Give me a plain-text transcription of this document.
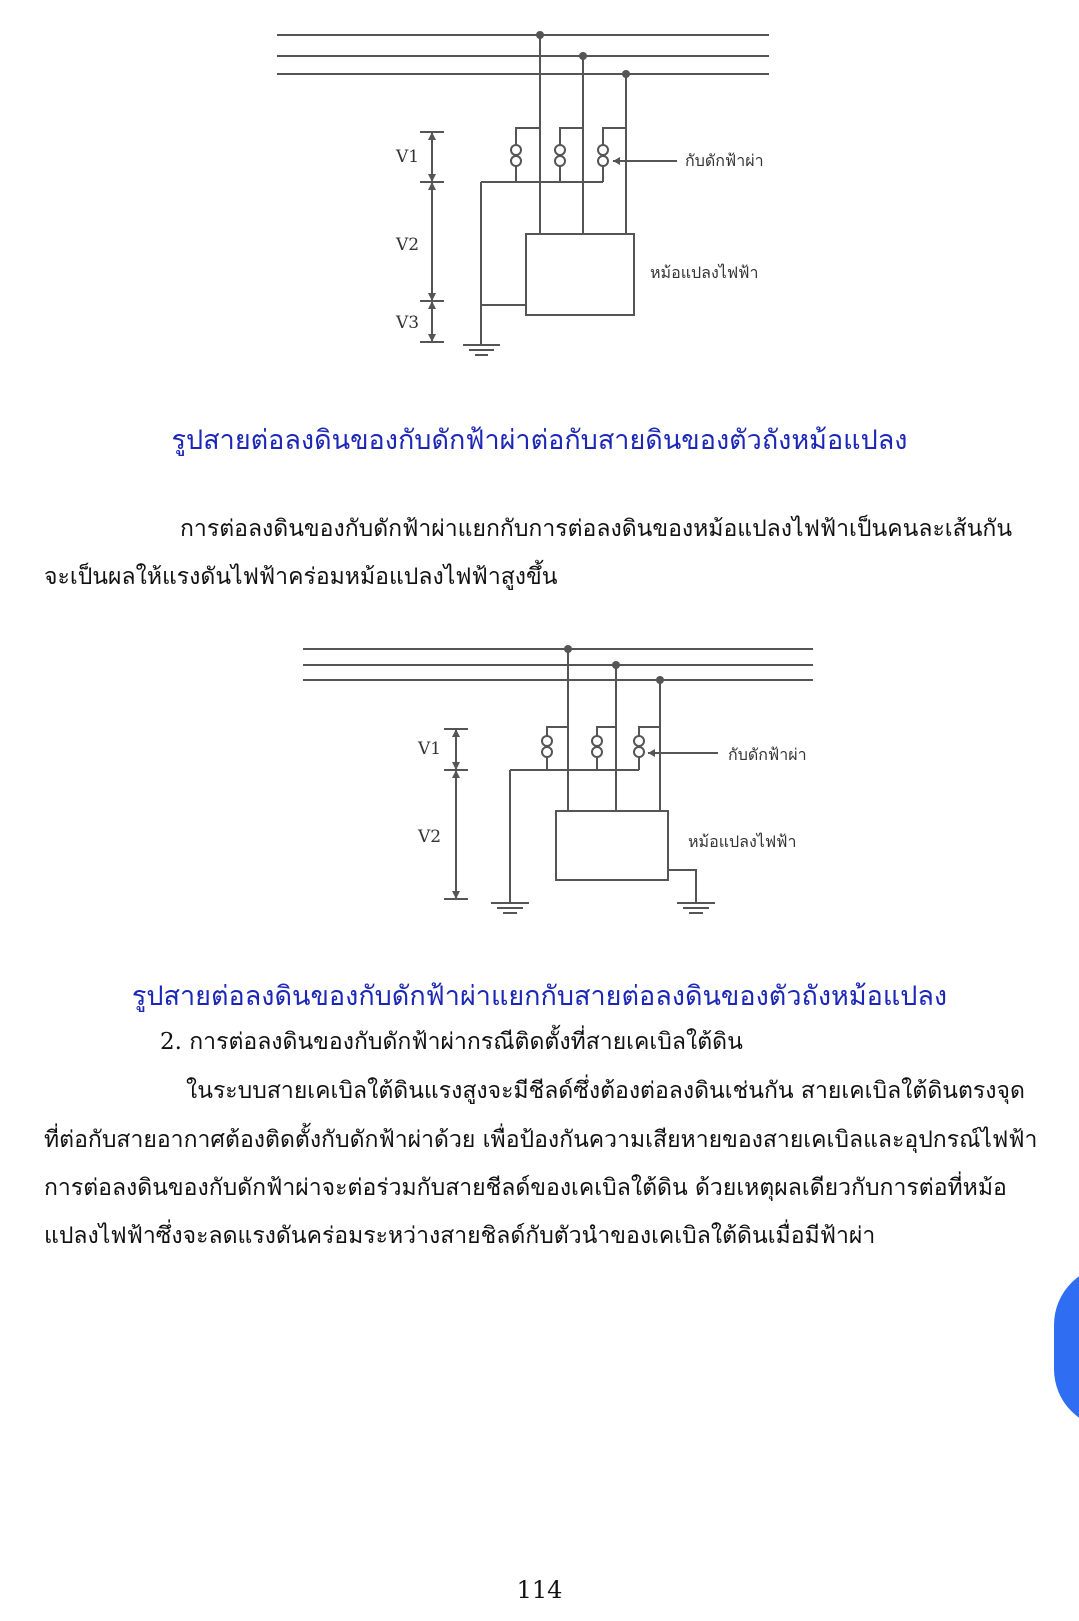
V1
V2
V3
กับดักฟ้าผ่า
หม้อแปลงไฟฟ้า
รูปสายต่อลงดินของกับดักฟ้าผ่าต่อกับสายดินของตัวถังหม้อแปลง
การต่อลงดินของกับดักฟ้าผ่าแยกกับการต่อลงดินของหม้อแปลงไฟฟ้าเป็นคนละเส้นกัน
จะเป็นผลให้แรงดันไฟฟ้าคร่อมหม้อแปลงไฟฟ้าสูงขึ้น
V1
V2
กับดักฟ้าผ่า
หม้อแปลงไฟฟ้า
รูปสายต่อลงดินของกับดักฟ้าผ่าแยกกับสายต่อลงดินของตัวถังหม้อแปลง
2. การต่อลงดินของกับดักฟ้าผ่ากรณีติดตั้งที่สายเคเบิลใต้ดิน
ในระบบสายเคเบิลใต้ดินแรงสูงจะมีชีลด์ซึ่งต้องต่อลงดินเช่นกัน สายเคเบิลใต้ดินตรงจุด
ที่ต่อกับสายอากาศต้องติดตั้งกับดักฟ้าผ่าด้วย เพื่อป้องกันความเสียหายของสายเคเบิลและอุปกรณ์ไฟฟ้า
การต่อลงดินของกับดักฟ้าผ่าจะต่อร่วมกับสายชีลด์ของเคเบิลใต้ดิน ด้วยเหตุผลเดียวกับการต่อที่หม้อ
แปลงไฟฟ้าซึ่งจะลดแรงดันคร่อมระหว่างสายชิลด์กับตัวนำของเคเบิลใต้ดินเมื่อมีฟ้าผ่า
114
